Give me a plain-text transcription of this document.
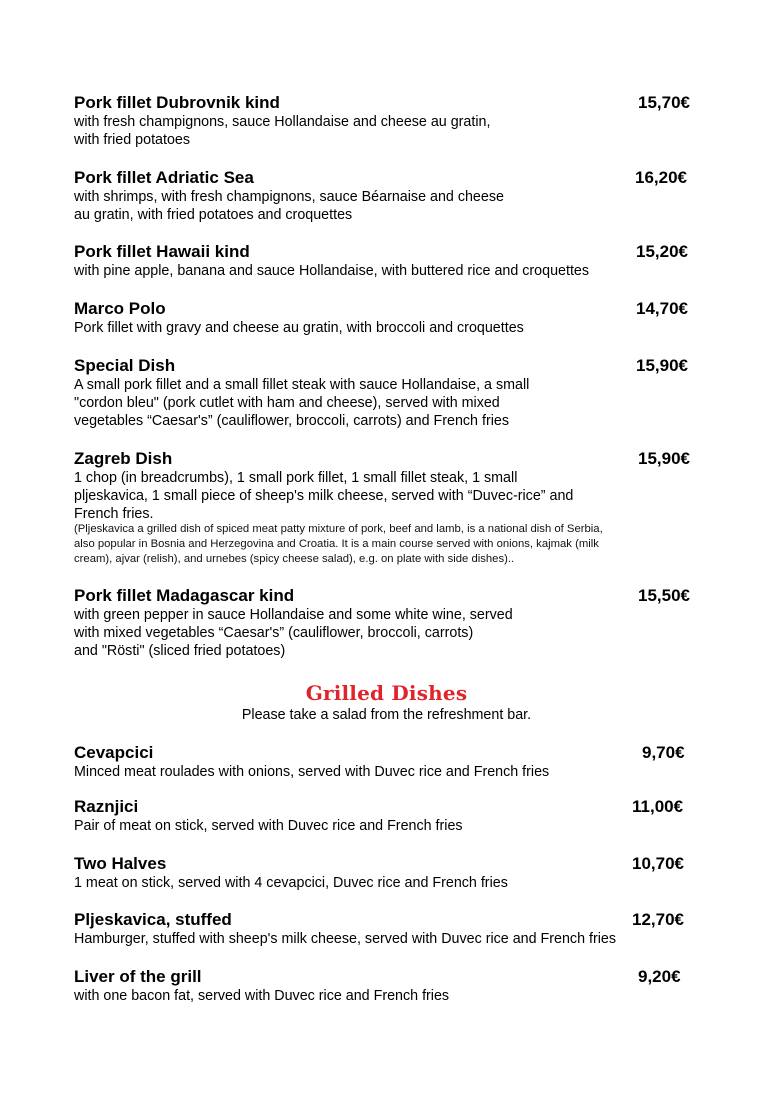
Pork fillet Dubrovnik kind	15,70€
with fresh champignons, sauce Hollandaise and cheese au gratin,
with fried potatoes
Pork fillet Adriatic Sea	16,20€
with shrimps, with fresh champignons, sauce Béarnaise and cheese
au gratin, with fried potatoes and croquettes
Pork fillet Hawaii kind	15,20€
with pine apple, banana and sauce Hollandaise, with buttered rice and croquettes
Marco Polo	14,70€
Pork fillet with gravy and cheese au gratin, with broccoli and croquettes
Special Dish	15,90€
A small pork fillet and a small fillet steak with sauce Hollandaise, a small
"cordon bleu" (pork cutlet with ham and cheese), served with mixed
vegetables “Caesar's” (cauliflower, broccoli, carrots) and French fries
Zagreb Dish	15,90€
1 chop (in breadcrumbs), 1 small pork fillet, 1 small fillet steak, 1 small
pljeskavica, 1 small piece of sheep's milk cheese, served with “Duvec-rice” and
French fries.
(Pljeskavica a grilled dish of spiced meat patty mixture of pork, beef and lamb, is a national dish of Serbia,
also popular in Bosnia and Herzegovina and Croatia. It is a main course served with onions, kajmak (milk
cream), ajvar (relish), and urnebes (spicy cheese salad), e.g. on plate with side dishes)..
Pork fillet Madagascar kind	15,50€
with green pepper in sauce Hollandaise and some white wine, served
with mixed vegetables “Caesar's” (cauliflower, broccoli, carrots)
and "Rösti" (sliced fried potatoes)
Grilled Dishes
Please take a salad from the refreshment bar.
Cevapcici	9,70€
Minced meat roulades with onions, served with Duvec rice and French fries
Raznjici	11,00€
Pair of meat on stick, served with Duvec rice and French fries
Two Halves	10,70€
1 meat on stick, served with 4 cevapcici, Duvec rice and French fries
Pljeskavica, stuffed	12,70€
Hamburger, stuffed with sheep's milk cheese, served with Duvec rice and French fries
Liver of the grill	9,20€
with one bacon fat, served with Duvec rice and French fries
